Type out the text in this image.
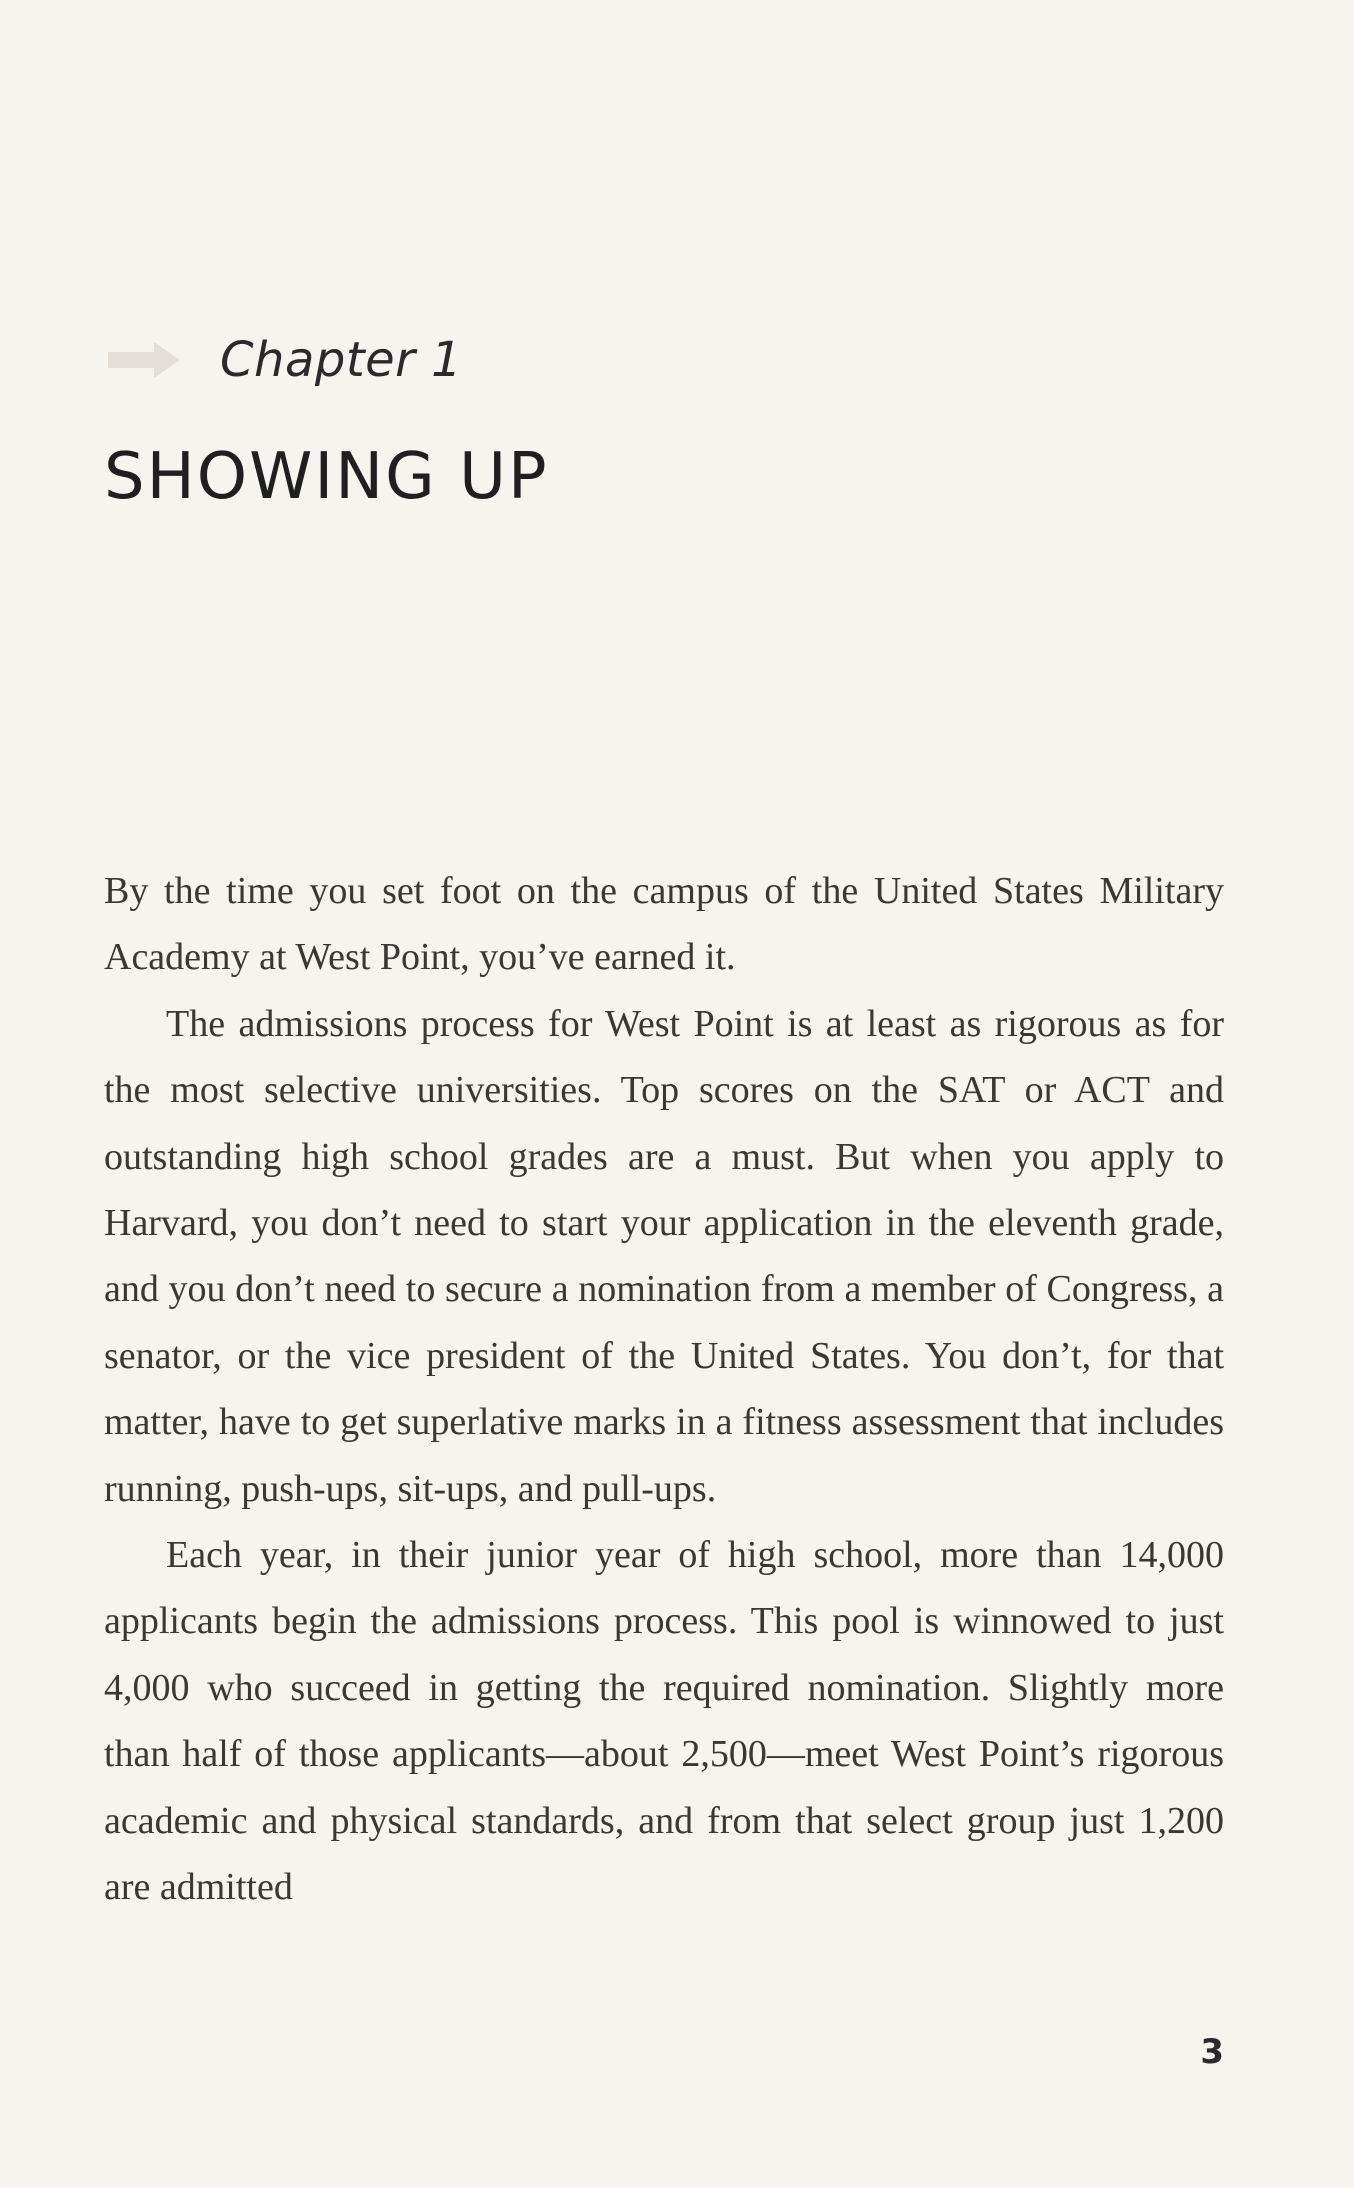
Chapter 1
SHOWING UP

By the time you set foot on the campus of the United States Military Academy at West Point, you’ve earned it.

The admissions process for West Point is at least as rigorous as for the most selective universities. Top scores on the SAT or ACT and outstanding high school grades are a must. But when you apply to Harvard, you don’t need to start your application in the eleventh grade, and you don’t need to secure a nomination from a member of Congress, a senator, or the vice president of the United States. You don’t, for that matter, have to get superlative marks in a fitness assessment that includes running, push-ups, sit-ups, and pull-ups.

Each year, in their junior year of high school, more than 14,000 applicants begin the admissions process. This pool is winnowed to just 4,000 who succeed in getting the required nomination. Slightly more than half of those applicants—about 2,500—meet West Point’s rigorous academic and physical standards, and from that select group just 1,200 are admitted

3
